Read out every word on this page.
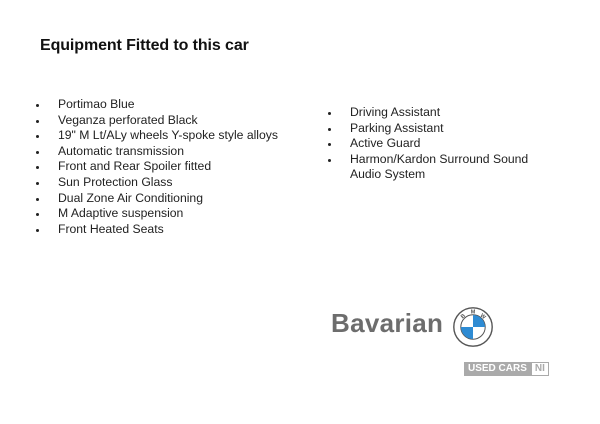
Equipment Fitted to this car
Portimao Blue
Veganza perforated Black
19" M Lt/ALy wheels Y-spoke style alloys
Automatic transmission
Front and Rear Spoiler fitted
Sun Protection Glass
Dual Zone Air Conditioning
M Adaptive suspension
Front Heated Seats
Driving Assistant
Parking Assistant
Active Guard
Harmon/Kardon Surround Sound Audio System
Bavarian	B
M
W
USED CARS NI
